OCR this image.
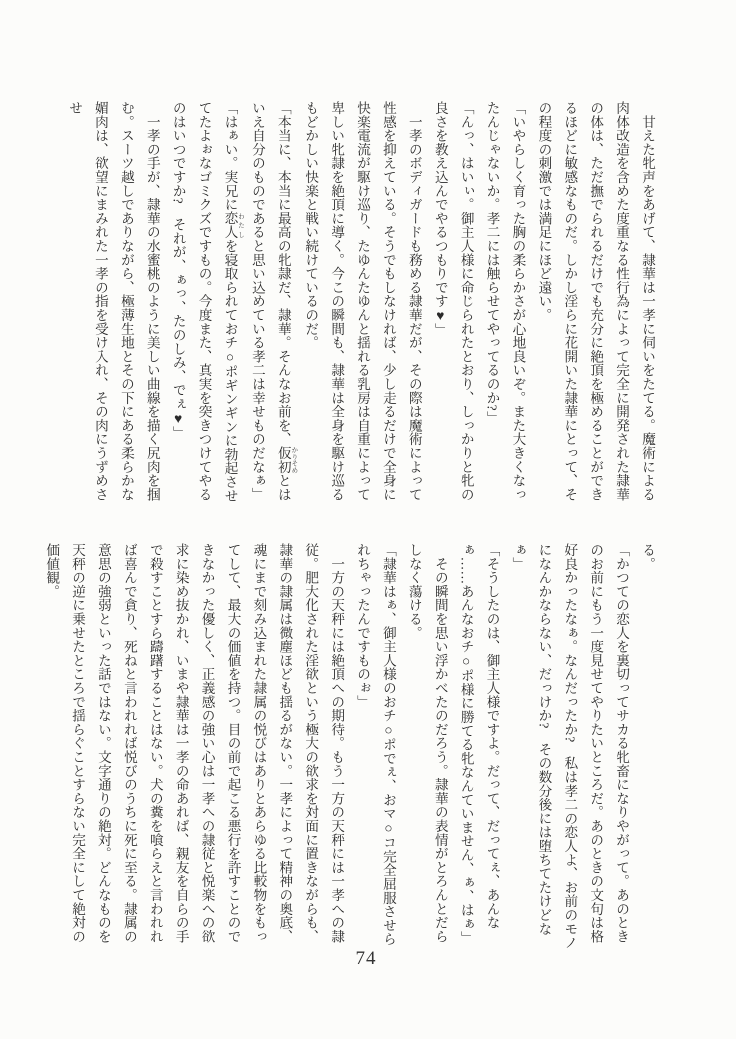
　甘えた牝声をあげて、隷華は一孝に伺いをたてる。魔術による肉体改造を含めた度重なる性行為によって完全に開発された隷華の体は、ただ撫でられるだけでも充分に絶頂を極めることができるほどに敏感なものだ。しかし淫らに花開いた隷華にとって、その程度の刺激では満足にほど遠い。

「いやらしく育った胸の柔らかさが心地良いぞ。また大きくなったんじゃないか。孝二には触らせてやってるのか?」

「んっ、はいぃ。御主人様に命じられたとおり、しっかりと牝の良さを教え込んでやるつもりです♥」

　一孝のボディガードも務める隷華だが、その際は魔術によって性感を抑えている。そうでもしなければ、少し走るだけで全身に快楽電流が駆け巡り、たゆんたゆんと揺れる乳房は自重によって卑しい牝隷を絶頂に導く。今この瞬間も、隷華は全身を駆け巡るもどかしい快楽と戦い続けているのだ。

「本当に、本当に最高の牝隷だ、隷華。そんなお前を、仮初 かりそめとはいえ自分のものであると思い込めている孝二は幸せものだなぁ」

「はぁい。実兄に恋人 わたしを寝取られておチ○ポギンギンに勃起させてたよぉなゴミクズですもの。今度また、真実を突きつけてやるのはいつですか?　それが、ぁっ、たのしみ、でぇ♥」

　一孝の手が、隷華の水蜜桃のように美しい曲線を描く尻肉を掴む。スーツ越しでありながら、極薄生地とその下にある柔らかな媚肉は、欲望にまみれた一孝の指を受け入れ、その肉にうずめさせ

る。

「かつての恋人を裏切ってサカる牝畜になりやがって。あのときのお前にもう一度見せてやりたいところだ。あのときの文句は格好良かったなぁ。なんだったか?　私は孝二の恋人よ、お前のモノになんかならない、だっけか?　その数分後には堕ちてたけどなぁ」

「そうしたのは、御主人様ですよ。だって、だってぇ、あんなぁ……あんなおチ○ポ様に勝てる牝なんていません、ぁ、はぁ」

　その瞬間を思い浮かべたのだろう。隷華の表情がとろんとだらしなく蕩ける。

「隷華はぁ、御主人様のおチ○ポでぇ、おマ○コ完全屈服させられちゃったんですものぉ」

　一方の天秤には絶頂への期待。もう一方の天秤には一孝への隷従。肥大化された淫欲という極大の欲求を対面に置きながらも、隷華の隷属は微塵ほども揺るがない。一孝によって精神の奥底、魂にまで刻み込まれた隷属の悦びはありとあらゆる比較物をもってして、最大の価値を持つ。目の前で起こる悪行を許すことのできなかった優しく、正義感の強い心は一孝への隷従と悦楽への欲求に染め抜かれ、いまや隷華は一孝の命あれば、親友を自らの手で殺すことすら躊躇することはない。犬の糞を喰らえと言われれば喜んで貪り、死ねと言われれば悦びのうちに死に至る。隷属の意思の強弱といった話ではない。文字通りの絶対。どんなものを天秤の逆に乗せたところで揺らぐことすらない完全にして絶対の価値観。

74
